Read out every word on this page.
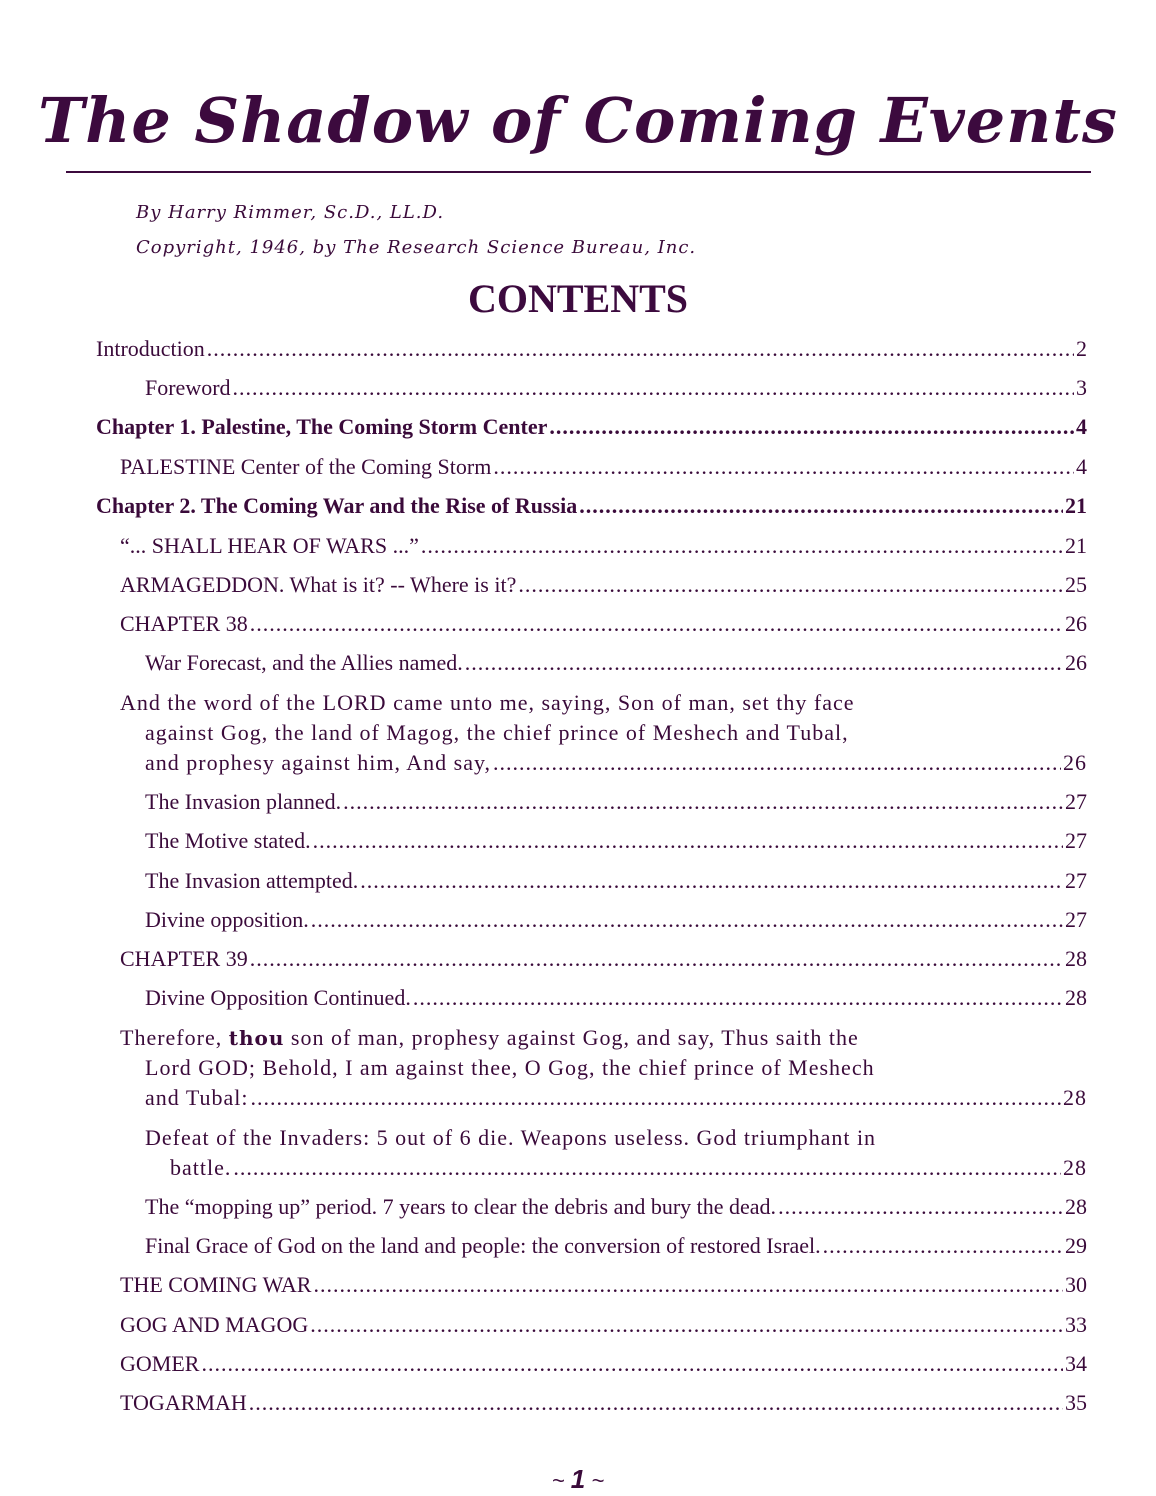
The Shadow of Coming Events
By Harry Rimmer, Sc.D., LL.D.
Copyright, 1946, by The Research Science Bureau, Inc.
CONTENTS
Introduction .....	2
Foreword .....	3
Chapter 1. Palestine, The Coming Storm Center .....	4
PALESTINE Center of the Coming Storm .....	4
Chapter 2. The Coming War and the Rise of Russia .....	21
“... SHALL HEAR OF WARS ...” .....	21
ARMAGEDDON. What is it? -- Where is it? .....	25
CHAPTER 38 .....	26
War Forecast, and the Allies named. .....	26
And the word of the LORD came unto me, saying, Son of man, set thy face
against Gog, the land of Magog, the chief prince of Meshech and Tubal,
and prophesy against him, And say, .....	26
The Invasion planned. .....	27
The Motive stated. .....	27
The Invasion attempted. .....	27
Divine opposition. .....	27
CHAPTER 39 .....	28
Divine Opposition Continued. .....	28
Therefore, thou son of man, prophesy against Gog, and say, Thus saith the
Lord GOD; Behold, I am against thee, O Gog, the chief prince of Meshech
and Tubal: .....	28
Defeat of the Invaders: 5 out of 6 die. Weapons useless. God triumphant in
battle. .....	28
The “mopping up” period. 7 years to clear the debris and bury the dead. .....	28
Final Grace of God on the land and people: the conversion of restored Israel. .....	29
THE COMING WAR .....	30
GOG AND MAGOG .....	33
GOMER .....	34
TOGARMAH .....	35
~ 1 ~
